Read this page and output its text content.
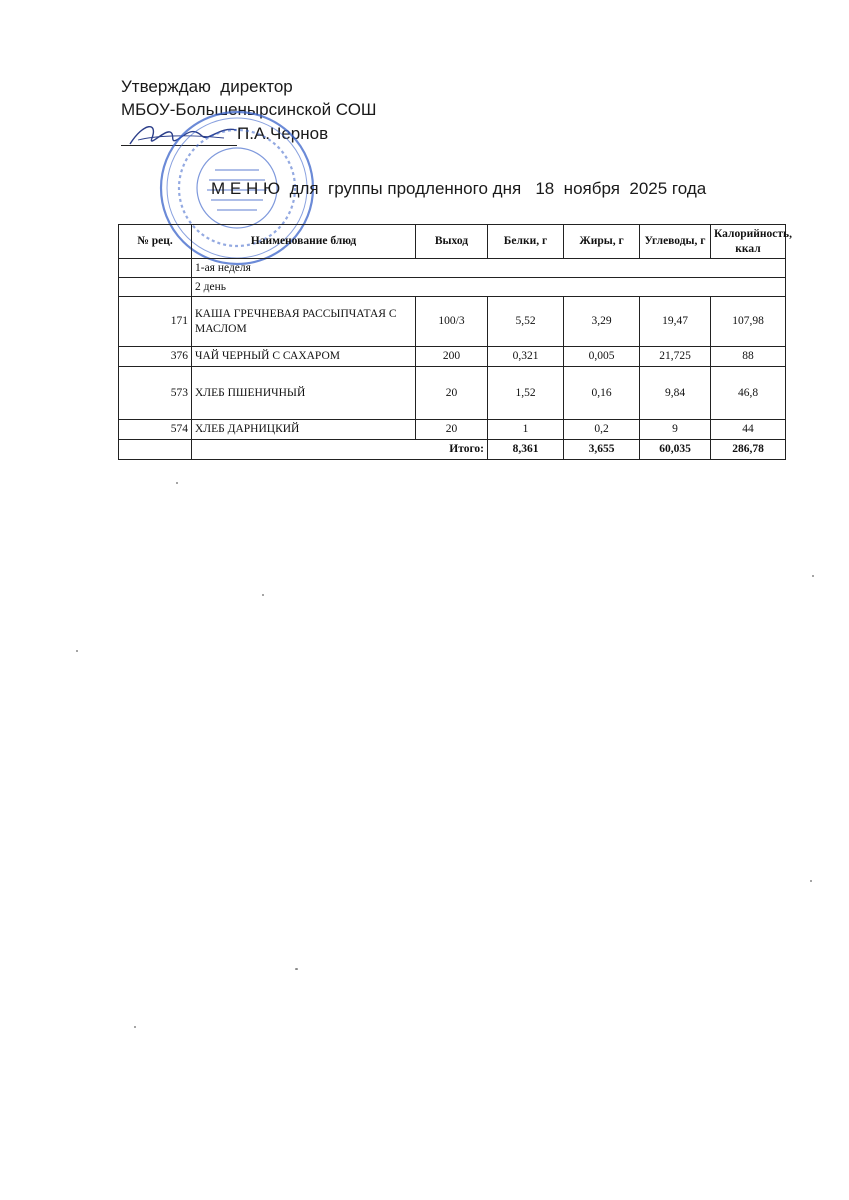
Утверждаю  директор
МБОУ-Большенырсинской СОШ
П.А.Чернов
М Е Н Ю  для  группы продленного дня   18  ноября  2025 года
№ рец.	Наименование блюд	Выход	Белки, г	Жиры, г	Углеводы, г	Калорийность, ккал
	1-ая неделя					
	2 день					
171	КАША ГРЕЧНЕВАЯ РАССЫПЧАТАЯ С МАСЛОМ	100/3	5,52	3,29	19,47	107,98
376	ЧАЙ ЧЕРНЫЙ С САХАРОМ	200	0,321	0,005	21,725	88
573	ХЛЕБ ПШЕНИЧНЫЙ	20	1,52	0,16	9,84	46,8
574	ХЛЕБ ДАРНИЦКИЙ	20	1	0,2	9	44
	Итого:		8,361	3,655	60,035	286,78
